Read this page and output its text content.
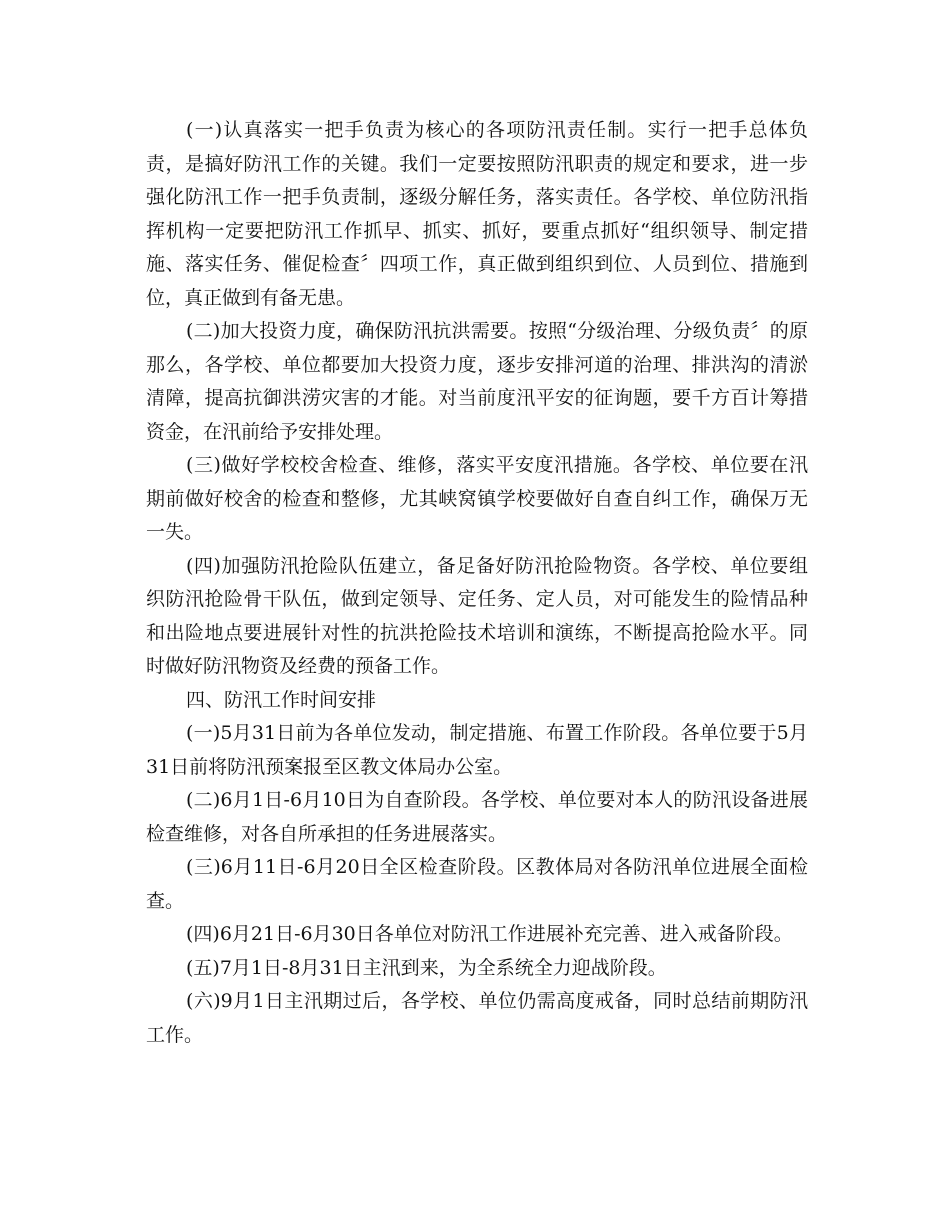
(一)认真落实一把手负责为核心的各项防汛责任制。实行一把手总体负责，是搞好防汛工作的关键。我们一定要按照防汛职责的规定和要求，进一步强化防汛工作一把手负责制，逐级分解任务，落实责任。各学校、单位防汛指挥机构一定要把防汛工作抓早、抓实、抓好，要重点抓好“组织领导、制定措施、落实任务、催促检查〞四项工作，真正做到组织到位、人员到位、措施到位，真正做到有备无患。

(二)加大投资力度，确保防汛抗洪需要。按照“分级治理、分级负责〞的原那么，各学校、单位都要加大投资力度，逐步安排河道的治理、排洪沟的清淤清障，提高抗御洪涝灾害的才能。对当前度汛平安的征询题，要千方百计筹措资金，在汛前给予安排处理。

(三)做好学校校舍检查、维修，落实平安度汛措施。各学校、单位要在汛期前做好校舍的检查和整修，尤其峡窝镇学校要做好自查自纠工作，确保万无一失。

(四)加强防汛抢险队伍建立，备足备好防汛抢险物资。各学校、单位要组织防汛抢险骨干队伍，做到定领导、定任务、定人员，对可能发生的险情品种和出险地点要进展针对性的抗洪抢险技术培训和演练，不断提高抢险水平。同时做好防汛物资及经费的预备工作。

四、防汛工作时间安排

(一)5月31日前为各单位发动，制定措施、布置工作阶段。各单位要于5月31日前将防汛预案报至区教文体局办公室。

(二)6月1日-6月10日为自查阶段。各学校、单位要对本人的防汛设备进展检查维修，对各自所承担的任务进展落实。

(三)6月11日-6月20日全区检查阶段。区教体局对各防汛单位进展全面检查。

(四)6月21日-6月30日各单位对防汛工作进展补充完善、进入戒备阶段。

(五)7月1日-8月31日主汛到来，为全系统全力迎战阶段。

(六)9月1日主汛期过后，各学校、单位仍需高度戒备，同时总结前期防汛工作。
